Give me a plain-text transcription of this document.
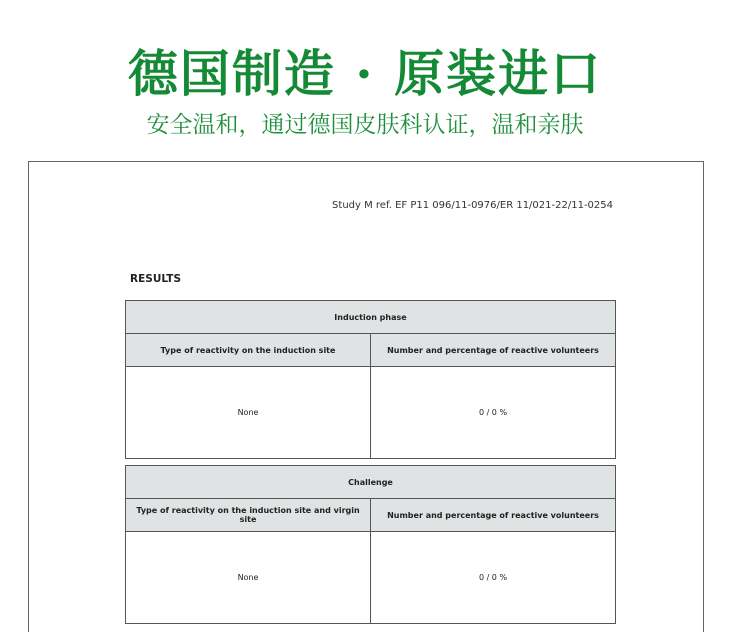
德国制造 · 原装进口
安全温和，通过德国皮肤科认证，温和亲肤
Study M ref. EF P11 096/11-0976/ER 11/021-22/11-0254
RESULTS
Induction phase	
Type of reactivity on the induction site	Number and percentage of reactive volunteers
None	0 / 0 %
Challenge	
Type of reactivity on the induction site and virgin site	Number and percentage of reactive volunteers
None	0 / 0 %
